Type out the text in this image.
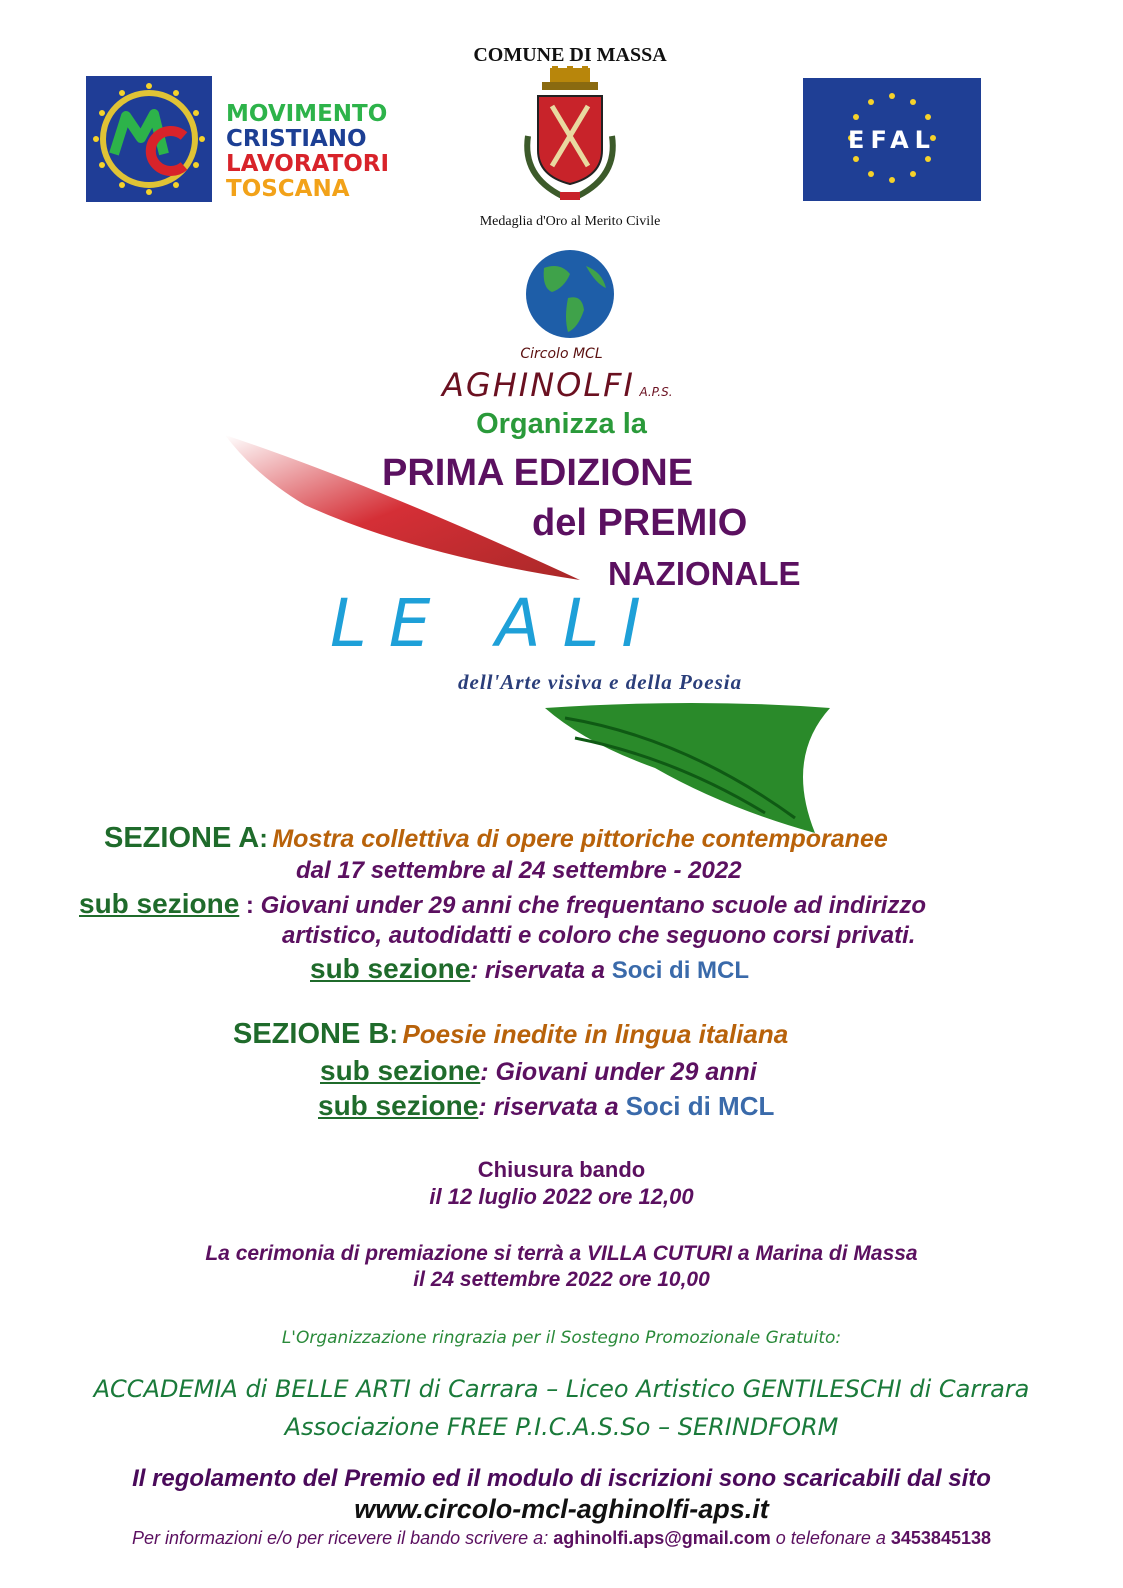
MOVIMENTO
CRISTIANO
LAVORATORI
TOSCANA
COMUNE DI MASSA
Medaglia d'Oro al Merito Civile
EFAL
Circolo MCL
AGHINOLFI A.P.S.
Organizza la
PRIMA EDIZIONE
del PREMIO
NAZIONALE
LE ALI
dell'Arte visiva e della Poesia
SEZIONE A: Mostra collettiva di opere pittoriche contemporanee
dal 17 settembre al 24 settembre - 2022
sub sezione : Giovani under 29 anni che frequentano scuole ad indirizzo
artistico, autodidatti e coloro che seguono corsi privati.
sub sezione: riservata a Soci di MCL
SEZIONE B: Poesie inedite in lingua italiana
sub sezione: Giovani under 29 anni
sub sezione: riservata a Soci di MCL
Chiusura bando
il 12 luglio 2022 ore 12,00
La cerimonia di premiazione si terrà a VILLA CUTURI a Marina di Massa
il 24 settembre 2022 ore 10,00
L'Organizzazione ringrazia per il Sostegno Promozionale Gratuito:
ACCADEMIA di BELLE ARTI di Carrara – Liceo Artistico GENTILESCHI di Carrara
Associazione FREE P.I.C.A.S.So – SERINDFORM
Il regolamento del Premio ed il modulo di iscrizioni sono scaricabili dal sito
www.circolo-mcl-aghinolfi-aps.it
Per informazioni e/o per ricevere il bando scrivere a: aghinolfi.aps@gmail.com o telefonare a 3453845138
